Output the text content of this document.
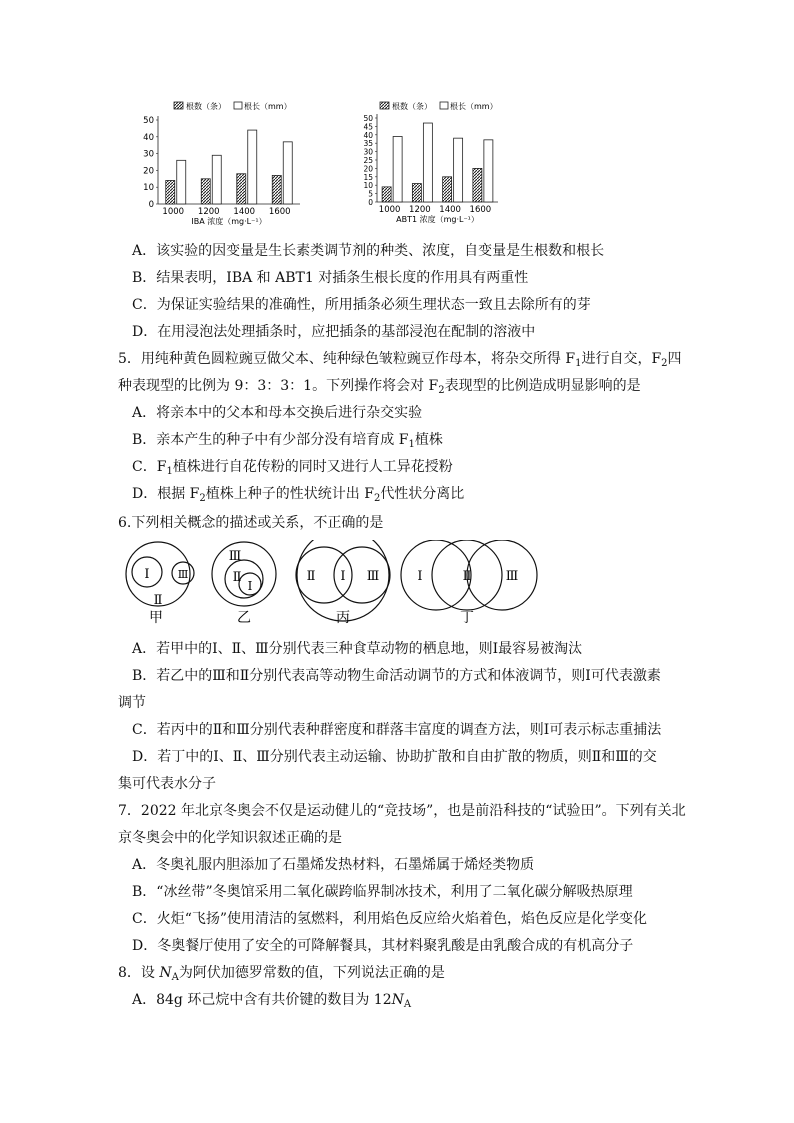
根数（条） 根长（mm）
0
10
20
30
40
50
1000 1200 1400 1600
IBA 浓度（mg·L⁻¹）
根数（条） 根长（mm）
0
5
10
15
20
25
30
35
40
45
50
1000 1200 1400 1600
ABT1 浓度（mg·L⁻¹）
A．该实验的因变量是生长素类调节剂的种类、浓度，自变量是生根数和根长
B．结果表明，IBA 和 ABT1 对插条生根长度的作用具有两重性
C．为保证实验结果的准确性，所用插条必须生理状态一致且去除所有的芽
D．在用浸泡法处理插条时，应把插条的基部浸泡在配制的溶液中
5．用纯种黄色圆粒豌豆做父本、纯种绿色皱粒豌豆作母本，将杂交所得 $F_1$进行自交，$F_2$四
种表现型的比例为 9：3：3：1。下列操作将会对 $F_2$表现型的比例造成明显影响的是
A．将亲本中的父本和母本交换后进行杂交实验
B．亲本产生的种子中有少部分没有培育成 $F_1$植株
C．$F_1$植株进行自花传粉的同时又进行人工异花授粉
D．根据 $F_2$植株上种子的性状统计出 $F_2$代性状分离比
6.下列相关概念的描述或关系，不正确的是
Ⅰ	Ⅲ
Ⅱ
甲
Ⅲ
Ⅱ
Ⅰ
乙
Ⅱ Ⅰ Ⅲ
丙
Ⅰ	Ⅱ	Ⅲ
丁
A．若甲中的Ⅰ、Ⅱ、Ⅲ分别代表三种食草动物的栖息地，则Ⅰ最容易被淘汰
B．若乙中的Ⅲ和Ⅱ分别代表高等动物生命活动调节的方式和体液调节，则Ⅰ可代表激素
调节
C．若丙中的Ⅱ和Ⅲ分别代表种群密度和群落丰富度的调查方法，则Ⅰ可表示标志重捕法
D．若丁中的Ⅰ、Ⅱ、Ⅲ分别代表主动运输、协助扩散和自由扩散的物质，则Ⅱ和Ⅲ的交
集可代表水分子
7．2022 年北京冬奥会不仅是运动健儿的“竞技场”，也是前沿科技的“试验田”。下列有关北
京冬奥会中的化学知识叙述正确的是
A．冬奥礼服内胆添加了石墨烯发热材料，石墨烯属于烯烃类物质
B．“冰丝带”冬奥馆采用二氧化碳跨临界制冰技术，利用了二氧化碳分解吸热原理
C．火炬“飞扬”使用清洁的氢燃料，利用焰色反应给火焰着色，焰色反应是化学变化
D．冬奥餐厅使用了安全的可降解餐具，其材料聚乳酸是由乳酸合成的有机高分子
8．设 $N_A$为阿伏加德罗常数的值，下列说法正确的是
A．84g 环己烷中含有共价键的数目为 $12N_A$
